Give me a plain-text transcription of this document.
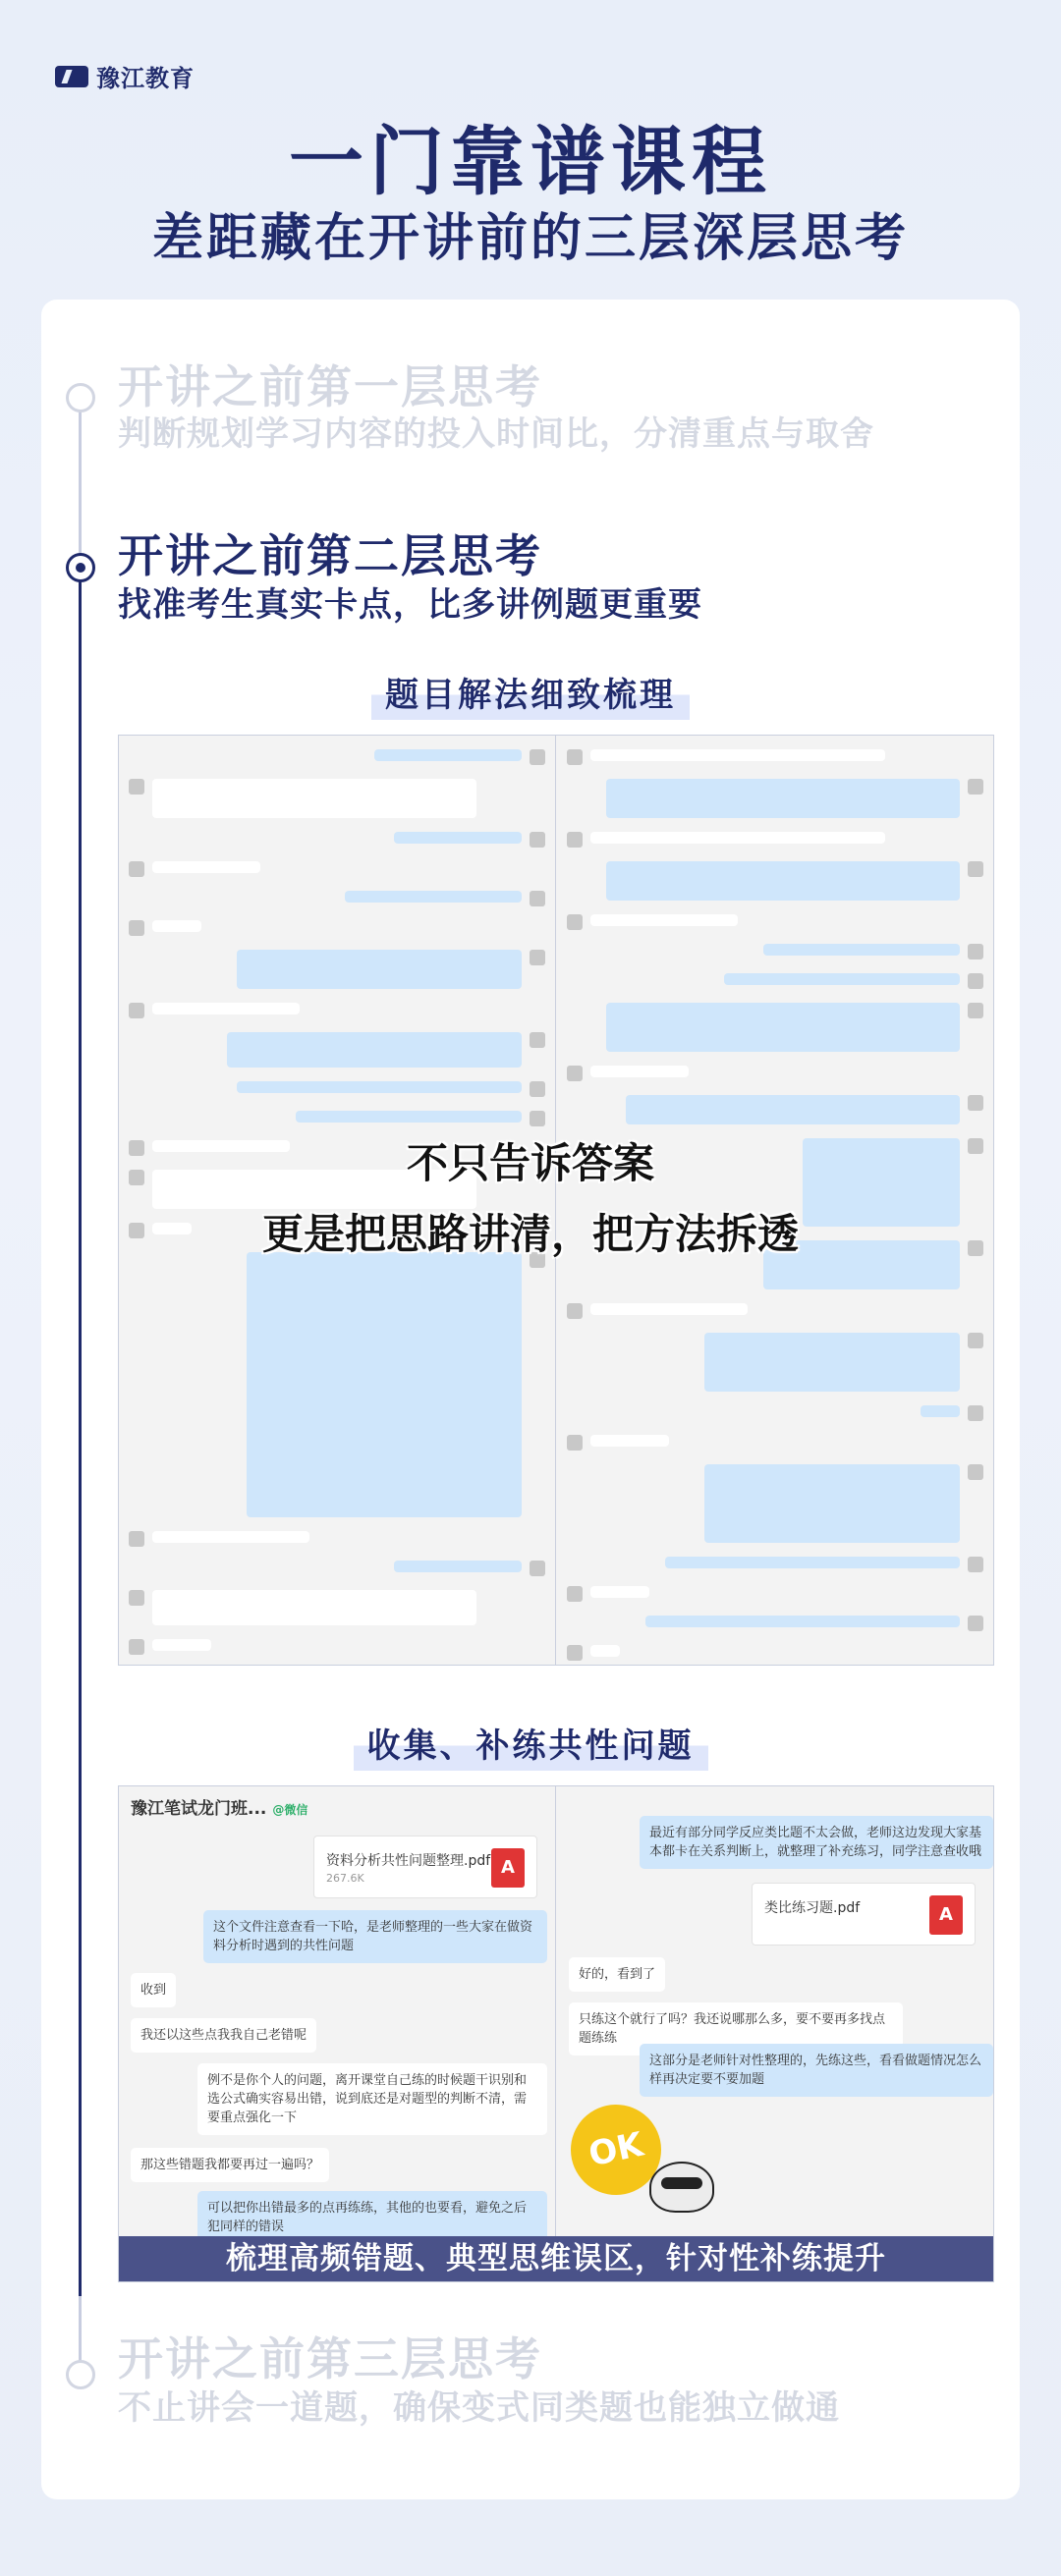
豫江教育
一门靠谱课程
差距藏在开讲前的三层深层思考
开讲之前第一层思考
判断规划学习内容的投入时间比，分清重点与取舍
开讲之前第二层思考
找准考生真实卡点，比多讲例题更重要
题目解法细致梳理
不只告诉答案
更是把思路讲清，把方法拆透
收集、补练共性问题
豫江笔试龙门班... @微信
资料分析共性问题整理.pdf
267.6K
A
这个文件注意查看一下哈，是老师整理的一些大家在做资料分析时遇到的共性问题
收到
我还以这些点我我自己老错呢
例不是你个人的问题，离开课堂自己练的时候题干识别和选公式确实容易出错，说到底还是对题型的判断不清，需要重点强化一下
那这些错题我都要再过一遍吗？
可以把你出错最多的点再练练，其他的也要看，避免之后犯同样的错误
最近有部分同学反应类比题不太会做，老师这边发现大家基本都卡在关系判断上，就整理了补充练习，同学注意查收哦
类比练习题.pdf	A
好的，看到了
只练这个就行了吗？我还说哪那么多，要不要再多找点题练练
这部分是老师针对性整理的，先练这些，看看做题情况怎么样再决定要不要加题
OK
梳理高频错题、典型思维误区，针对性补练提升
开讲之前第三层思考
不止讲会一道题，确保变式同类题也能独立做通
